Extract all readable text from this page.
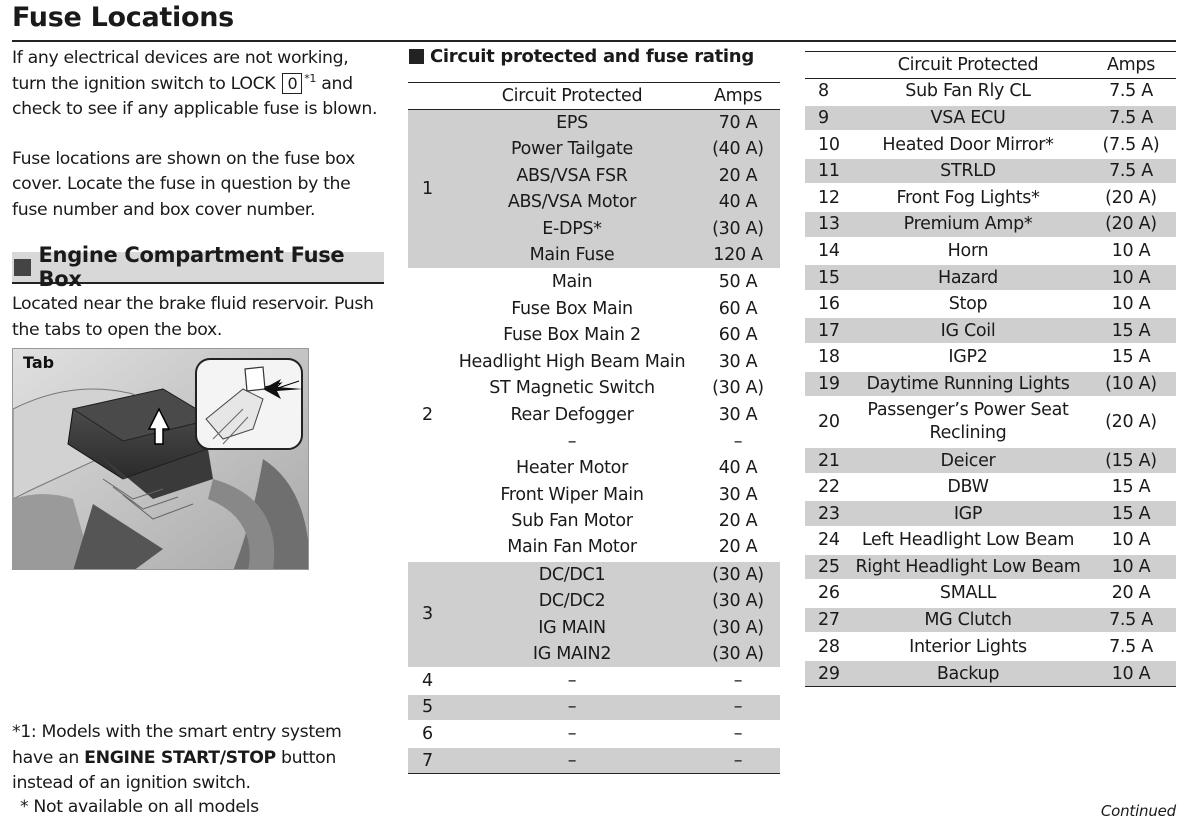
Fuse Locations

If any electrical devices are not working, turn the ignition switch to LOCK 0 $^{*1}$ and check to see if any applicable fuse is blown.

Fuse locations are shown on the fuse box cover. Locate the fuse in question by the fuse number and box cover number.

Engine Compartment Fuse Box

Located near the brake fluid reservoir. Push the tabs to open the box.

Tab
*1: Models with the smart entry system have an ENGINE START/STOP button instead of an ignition switch.
* Not available on all models
Circuit protected and fuse rating
	Circuit Protected	Amps
1	EPS	70 A
	Power Tailgate	(40 A)
	ABS/VSA FSR	20 A
	ABS/VSA Motor	40 A
	E-DPS*	(30 A)
	Main Fuse	120 A
2	Main	50 A
	Fuse Box Main	60 A
	Fuse Box Main 2	60 A
	Headlight High Beam Main	30 A
	ST Magnetic Switch	(30 A)
	Rear Defogger	30 A
	–	–
	Heater Motor	40 A
	Front Wiper Main	30 A
	Sub Fan Motor	20 A
	Main Fan Motor	20 A
3	DC/DC1	(30 A)
	DC/DC2	(30 A)
	IG MAIN	(30 A)
	IG MAIN2	(30 A)
4	–	–
5	–	–
6	–	–
7	–	–
	Circuit Protected	Amps
8	Sub Fan Rly CL	7.5 A
9	VSA ECU	7.5 A
10	Heated Door Mirror*	(7.5 A)
11	STRLD	7.5 A
12	Front Fog Lights*	(20 A)
13	Premium Amp*	(20 A)
14	Horn	10 A
15	Hazard	10 A
16	Stop	10 A
17	IG Coil	15 A
18	IGP2	15 A
19	Daytime Running Lights	(10 A)
20	Passenger’s Power Seat Reclining	(20 A)
21	Deicer	(15 A)
22	DBW	15 A
23	IGP	15 A
24	Left Headlight Low Beam	10 A
25	Right Headlight Low Beam	10 A
26	SMALL	20 A
27	MG Clutch	7.5 A
28	Interior Lights	7.5 A
29	Backup	10 A
Continued
